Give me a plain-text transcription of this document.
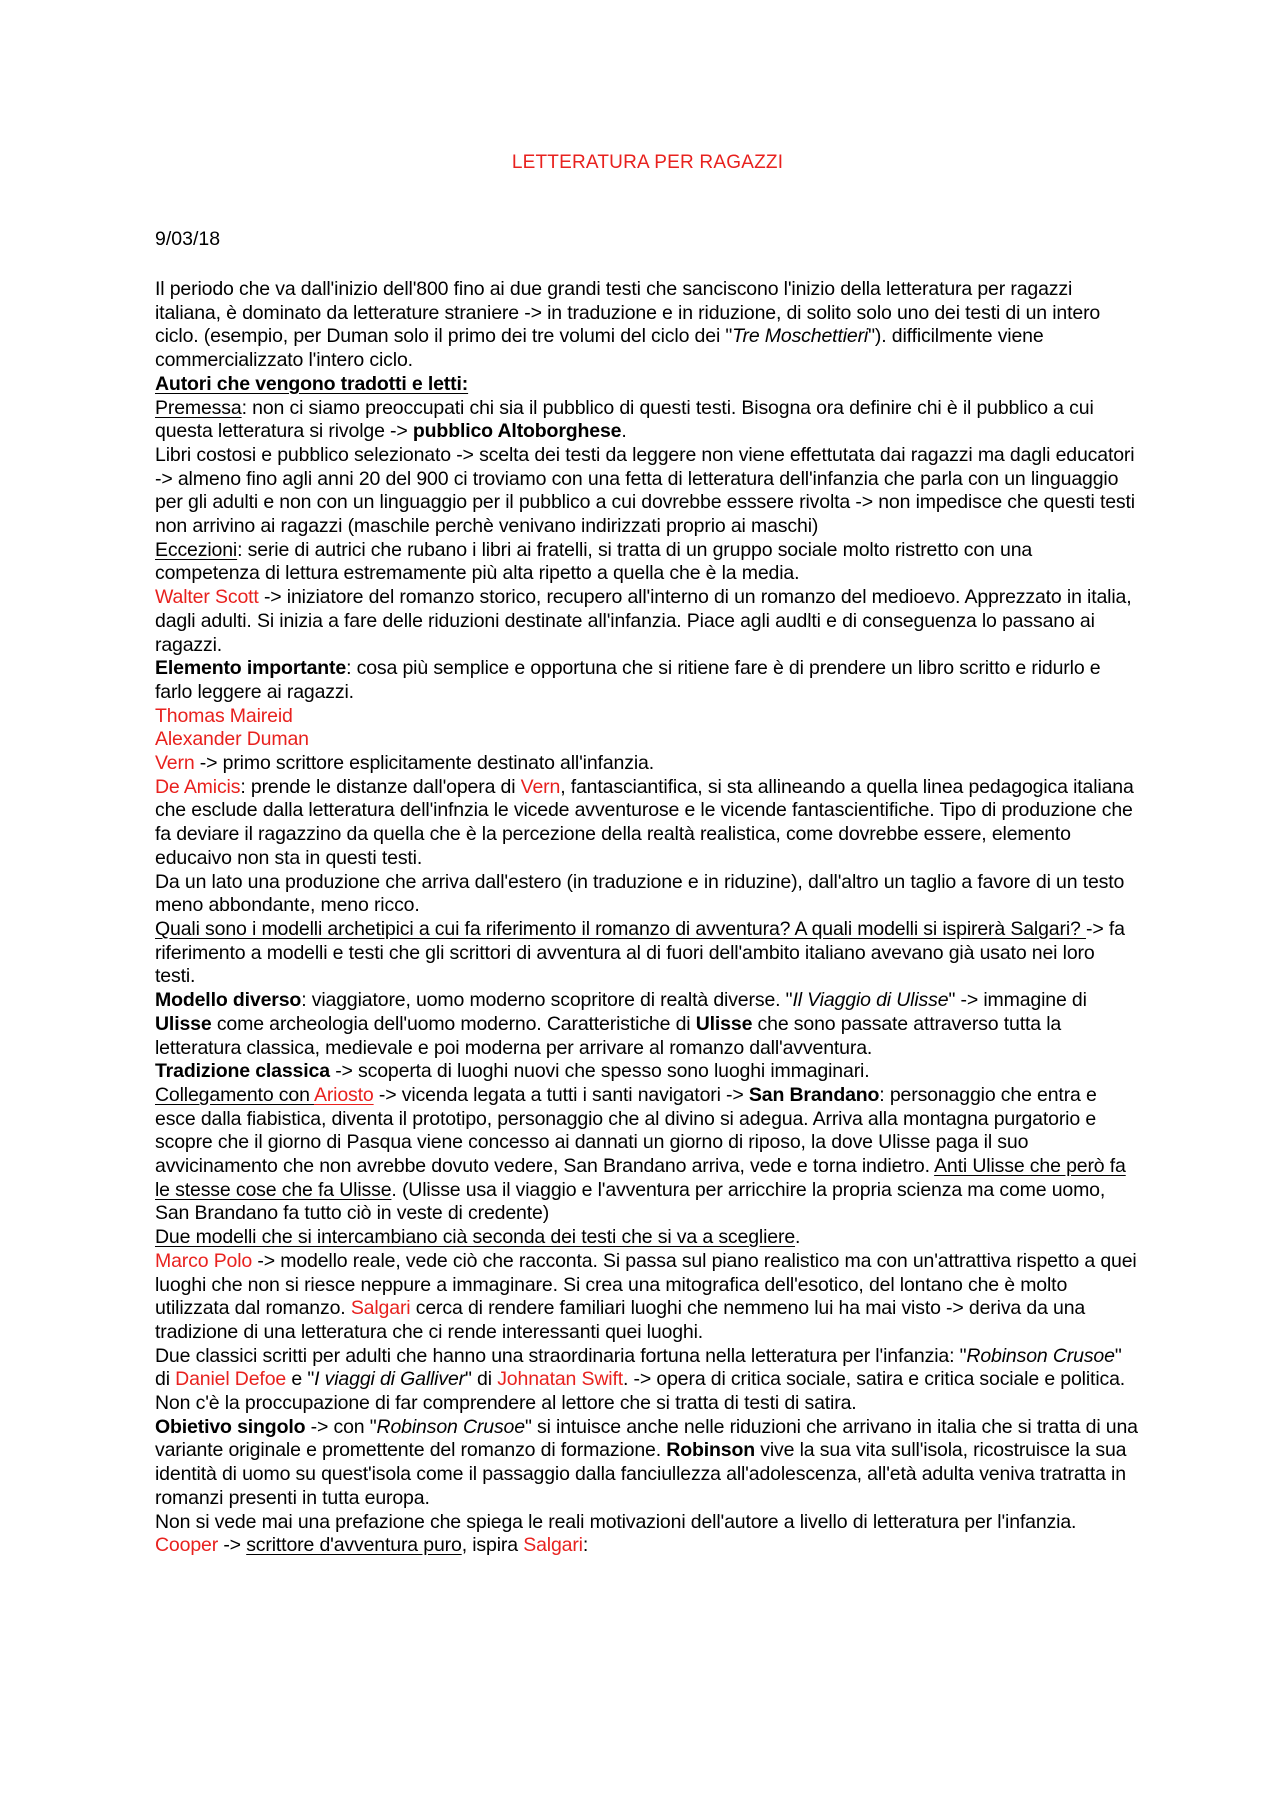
LETTERATURA PER RAGAZZI
9/03/18

Il periodo che va dall'inizio dell'800 fino ai due grandi testi che sanciscono l'inizio della letteratura per ragazzi italiana, è dominato da letterature straniere -> in traduzione e in riduzione, di solito solo uno dei testi di un intero ciclo. (esempio, per Duman solo il primo dei tre volumi del ciclo dei "Tre Moschettieri"). difficilmente viene commercializzato l'intero ciclo.

Autori che vengono tradotti e letti:

Premessa: non ci siamo preoccupati chi sia il pubblico di questi testi. Bisogna ora definire chi è il pubblico a cui questa letteratura si rivolge -> pubblico Altoborghese.

Libri costosi e pubblico selezionato -> scelta dei testi da leggere non viene effettutata dai ragazzi ma dagli educatori -> almeno fino agli anni 20 del 900 ci troviamo con una fetta di letteratura dell'infanzia che parla con un linguaggio per gli adulti e non con un linguaggio per il pubblico a cui dovrebbe esssere rivolta -> non impedisce che questi testi non arrivino ai ragazzi (maschile perchè venivano indirizzati proprio ai maschi)

Eccezioni: serie di autrici che rubano i libri ai fratelli, si tratta di un gruppo sociale molto ristretto con una competenza di lettura estremamente più alta ripetto a quella che è la media.

Walter Scott -> iniziatore del romanzo storico, recupero all'interno di un romanzo del medioevo. Apprezzato in italia, dagli adulti. Si inizia a fare delle riduzioni destinate all'infanzia. Piace agli audlti e di conseguenza lo passano ai ragazzi.

Elemento importante: cosa più semplice e opportuna che si ritiene fare è di prendere un libro scritto e ridurlo e farlo leggere ai ragazzi.

Thomas Maireid

Alexander Duman

Vern -> primo scrittore esplicitamente destinato all'infanzia.

De Amicis: prende le distanze dall'opera di Vern, fantasciantifica, si sta allineando a quella linea pedagogica italiana che esclude dalla letteratura dell'infnzia le vicede avventurose e le vicende fantascientifiche. Tipo di produzione che fa deviare il ragazzino da quella che è la percezione della realtà realistica, come dovrebbe essere, elemento educaivo non sta in questi testi.

Da un lato una produzione che arriva dall'estero (in traduzione e in riduzine), dall'altro un taglio a favore di un testo meno abbondante, meno ricco.

Quali sono i modelli archetipici a cui fa riferimento il romanzo di avventura? A quali modelli si ispirerà Salgari? -> fa riferimento a modelli e testi che gli scrittori di avventura al di fuori dell'ambito italiano avevano già usato nei loro testi.

Modello diverso: viaggiatore, uomo moderno scopritore di realtà diverse. "Il Viaggio di Ulisse" -> immagine di Ulisse come archeologia dell'uomo moderno. Caratteristiche di Ulisse che sono passate attraverso tutta la letteratura classica, medievale e poi moderna per arrivare al romanzo dall'avventura.

Tradizione classica -> scoperta di luoghi nuovi che spesso sono luoghi immaginari.

Collegamento con Ariosto -> vicenda legata a tutti i santi navigatori -> San Brandano: personaggio che entra e esce dalla fiabistica, diventa il prototipo, personaggio che al divino si adegua. Arriva alla montagna purgatorio e scopre che il giorno di Pasqua viene concesso ai dannati un giorno di riposo, la dove Ulisse paga il suo avvicinamento che non avrebbe dovuto vedere, San Brandano arriva, vede e torna indietro. Anti Ulisse che però fa le stesse cose che fa Ulisse. (Ulisse usa il viaggio e l'avventura per arricchire la propria scienza ma come uomo, San Brandano fa tutto ciò in veste di credente)

Due modelli che si intercambiano cià seconda dei testi che si va a scegliere.

Marco Polo -> modello reale, vede ciò che racconta. Si passa sul piano realistico ma con un'attrattiva rispetto a quei luoghi che non si riesce neppure a immaginare. Si crea una mitografica dell'esotico, del lontano che è molto utilizzata dal romanzo. Salgari cerca di rendere familiari luoghi che nemmeno lui ha mai visto -> deriva da una tradizione di una letteratura che ci rende interessanti quei luoghi.

Due classici scritti per adulti che hanno una straordinaria fortuna nella letteratura per l'infanzia: "Robinson Crusoe" di Daniel Defoe e "I viaggi di Galliver" di Johnatan Swift. -> opera di critica sociale, satira e critica sociale e politica. Non c'è la proccupazione di far comprendere al lettore che si tratta di testi di satira.

Obietivo singolo -> con "Robinson Crusoe" si intuisce anche nelle riduzioni che arrivano in italia che si tratta di una variante originale e promettente del romanzo di formazione. Robinson vive la sua vita sull'isola, ricostruisce la sua identità di uomo su quest'isola come il passaggio dalla fanciullezza all'adolescenza, all'età adulta veniva tratratta in romanzi presenti in tutta europa.

Non si vede mai una prefazione che spiega le reali motivazioni dell'autore a livello di letteratura per l'infanzia.

Cooper -> scrittore d'avventura puro, ispira Salgari:
